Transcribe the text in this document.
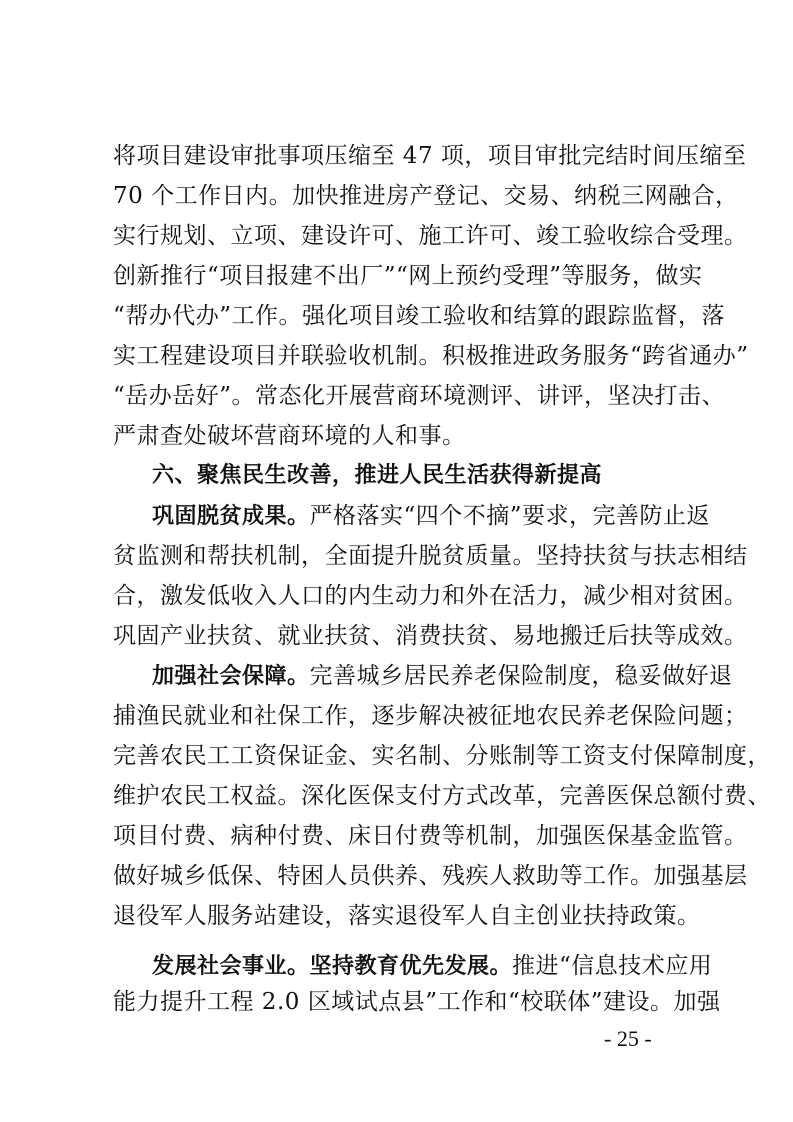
将项目建设审批事项压缩至 47 项，项目审批完结时间压缩至
70 个工作日内。加快推进房产登记、交易、纳税三网融合，
实行规划、立项、建设许可、施工许可、竣工验收综合受理。
创新推行“项目报建不出厂”“网上预约受理”等服务，做实
“帮办代办”工作。强化项目竣工验收和结算的跟踪监督，落
实工程建设项目并联验收机制。积极推进政务服务“跨省通办”
“岳办岳好”。常态化开展营商环境测评、讲评，坚决打击、
严肃查处破坏营商环境的人和事。
六、聚焦民生改善，推进人民生活获得新提高
巩固脱贫成果。严格落实“四个不摘”要求，完善防止返
贫监测和帮扶机制，全面提升脱贫质量。坚持扶贫与扶志相结
合，激发低收入人口的内生动力和外在活力，减少相对贫困。
巩固产业扶贫、就业扶贫、消费扶贫、易地搬迁后扶等成效。
加强社会保障。完善城乡居民养老保险制度，稳妥做好退
捕渔民就业和社保工作，逐步解决被征地农民养老保险问题；
完善农民工工资保证金、实名制、分账制等工资支付保障制度，
维护农民工权益。深化医保支付方式改革，完善医保总额付费、
项目付费、病种付费、床日付费等机制，加强医保基金监管。
做好城乡低保、特困人员供养、残疾人救助等工作。加强基层
退役军人服务站建设，落实退役军人自主创业扶持政策。
发展社会事业。坚持教育优先发展。推进“信息技术应用
能力提升工程 2.0 区域试点县”工作和“校联体”建设。加强
- 25 -
